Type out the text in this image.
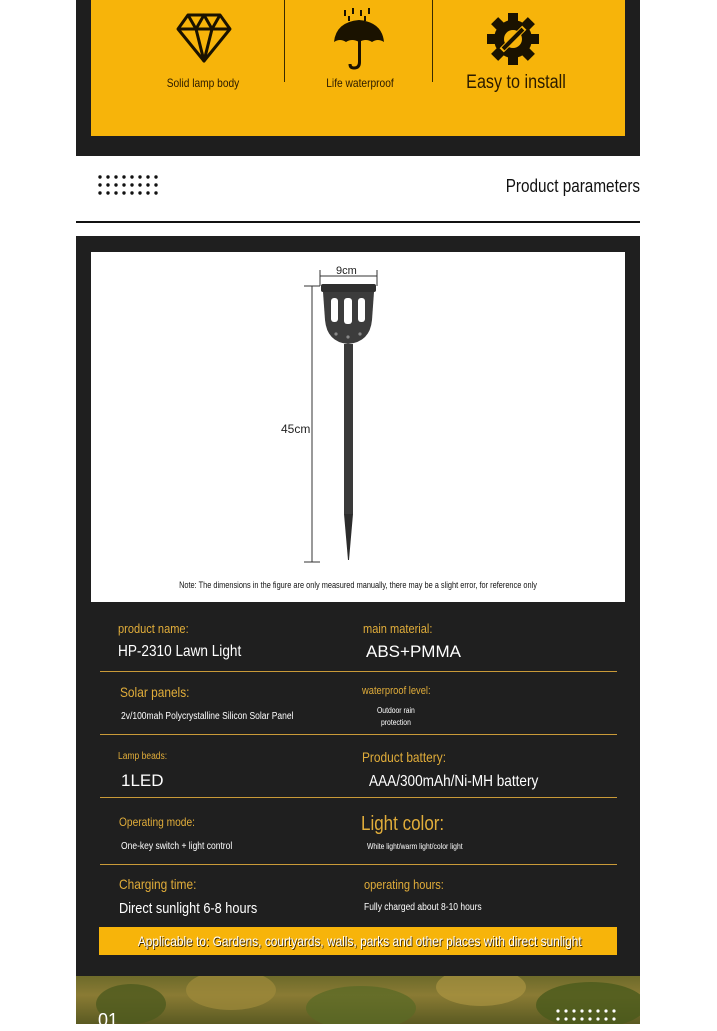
Solid lamp body	Life waterproof	Easy to install
Product parameters
9cm
45cm
Note: The dimensions in the figure are only measured manually, there may be a slight error, for reference only
product name:
HP-2310 Lawn Light
main material:
ABS+PMMA
Solar panels:
2v/100mah Polycrystalline Silicon Solar Panel
waterproof level:
Outdoor rain
protection
Lamp beads:
1LED
Product battery:
AAA/300mAh/Ni-MH battery
Operating mode:
One-key switch + light control
Light color:
White light/warm light/color light
Charging time:
Direct sunlight 6-8 hours
operating hours:
Fully charged about 8-10 hours
Applicable to: Gardens, courtyards, walls, parks and other places with direct sunlight
01
